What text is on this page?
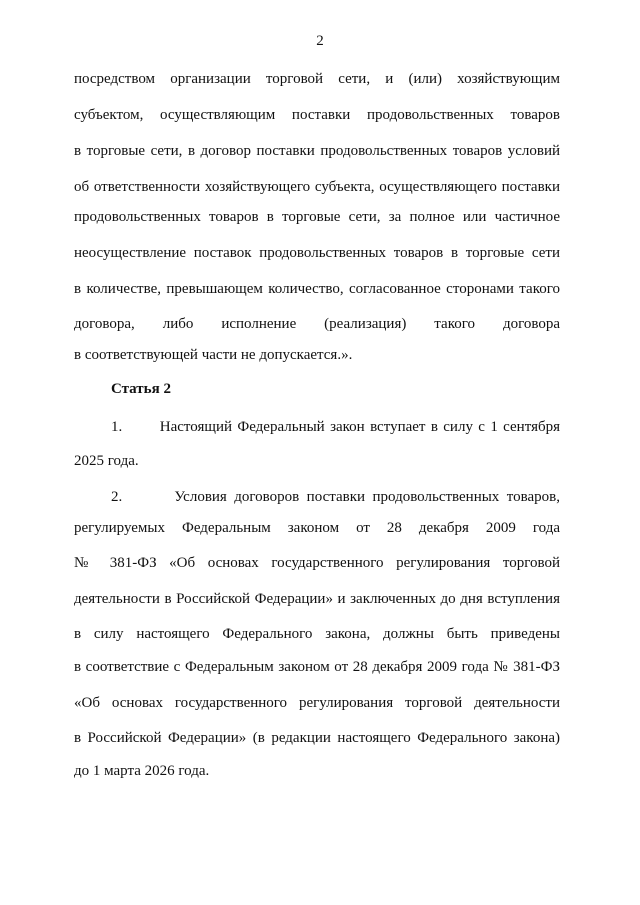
2
посредством организации торговой сети, и (или) хозяйствующим
субъектом, осуществляющим поставки продовольственных товаров
в торговые сети, в договор поставки продовольственных товаров условий
об ответственности хозяйствующего субъекта, осуществляющего поставки
продовольственных товаров в торговые сети, за полное или частичное
неосуществление поставок продовольственных товаров в торговые сети
в количестве, превышающем количество, согласованное сторонами такого
договора, либо исполнение (реализация) такого договора
в соответствующей части не допускается.».
Статья 2
1.       Настоящий Федеральный закон вступает в силу с 1 сентября
2025 года.
2.       Условия договоров поставки продовольственных товаров,
регулируемых Федеральным законом от 28 декабря 2009 года
№ 381-ФЗ «Об основах государственного регулирования торговой
деятельности в Российской Федерации» и заключенных до дня вступления
в силу настоящего Федерального закона, должны быть приведены
в соответствие с Федеральным законом от 28 декабря 2009 года № 381-ФЗ
«Об основах государственного регулирования торговой деятельности
в Российской Федерации» (в редакции настоящего Федерального закона)
до 1 марта 2026 года.
